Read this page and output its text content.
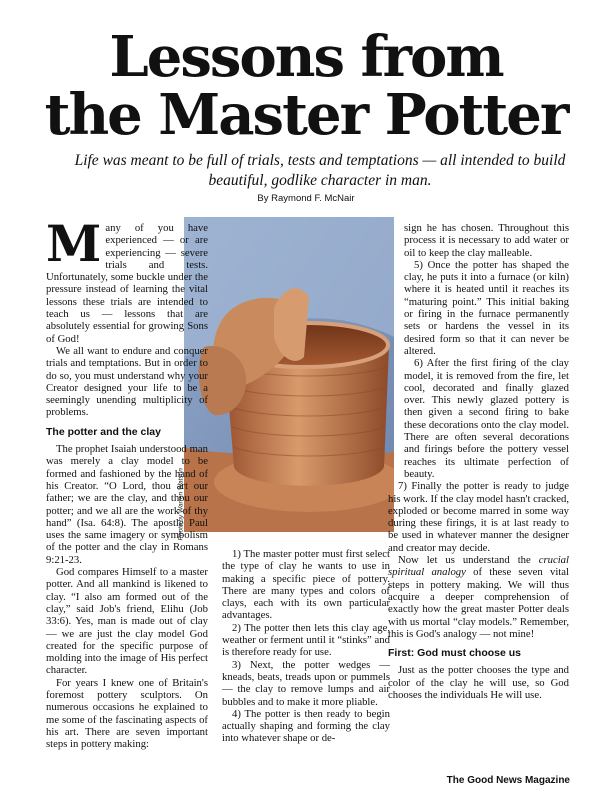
Lessons from
the Master Potter
Life was meant to be full of trials, tests and temptations — all intended to build beautiful, godlike character in man.
By Raymond F. McNair
Photo by Warren Watson

Many of you have experienced — or are experiencing — severe trials and tests. Unfortunately, some buckle under the pressure instead of learning the vital lessons these trials are intended to teach us — lessons that are absolutely essential for growing Sons of God!

We all want to endure and conquer trials and temptations. But in order to do so, you must understand why your Creator designed your life to be a seemingly unending multiplicity of problems.

The potter and the clay

The prophet Isaiah understood man was merely a clay model to be formed and fashioned by the hand of his Creator. “O Lord, thou art our father; we are the clay, and thou our potter; and we all are the work of thy hand” (Isa. 64:8). The apostle Paul uses the same imagery or symbolism of the potter and the clay in Romans 9:21-23.

God compares Himself to a master potter. And all mankind is likened to clay. “I also am formed out of the clay,” said Job's friend, Elihu (Job 33:6). Yes, man is made out of clay — we are just the clay model God created for the specific purpose of molding into the image of His perfect character.

For years I knew one of Britain's foremost pottery sculptors. On numerous occasions he explained to me some of the fascinating aspects of his art. There are seven important steps in pottery making:

1) The master potter must first select the type of clay he wants to use in making a specific piece of pottery. There are many types and colors of clays, each with its own particular advantages.

2) The potter then lets this clay age, weather or ferment until it “stinks” and is therefore ready for use.

3) Next, the potter wedges — kneads, beats, treads upon or pummels — the clay to remove lumps and air bubbles and to make it more pliable.

4) The potter is then ready to begin actually shaping and forming the clay into whatever shape or de-

sign he has chosen. Throughout this process it is necessary to add water or oil to keep the clay malleable.

5) Once the potter has shaped the clay, he puts it into a furnace (or kiln) where it is heated until it reaches its “maturing point.” This initial baking or firing in the furnace permanently sets or hardens the vessel in its desired form so that it can never be altered.

6) After the first firing of the clay model, it is removed from the fire, let cool, decorated and finally glazed over. This newly glazed pottery is then given a second firing to bake these decorations onto the clay model. There are often several decorations and firings before the pottery vessel reaches its ultimate perfection of beauty.

7) Finally the potter is ready to judge his work. If the clay model hasn't cracked, exploded or become marred in some way during these firings, it is at last ready to be used in whatever manner the designer and creator may decide.

Now let us understand the crucial spiritual analogy of these seven vital steps in pottery making. We will thus acquire a deeper comprehension of exactly how the great master Potter deals with us mortal “clay models.” Remember, this is God's analogy — not mine!

First: God must choose us

Just as the potter chooses the type and color of the clay he will use, so God chooses the individuals He will use.

The Good News Magazine
